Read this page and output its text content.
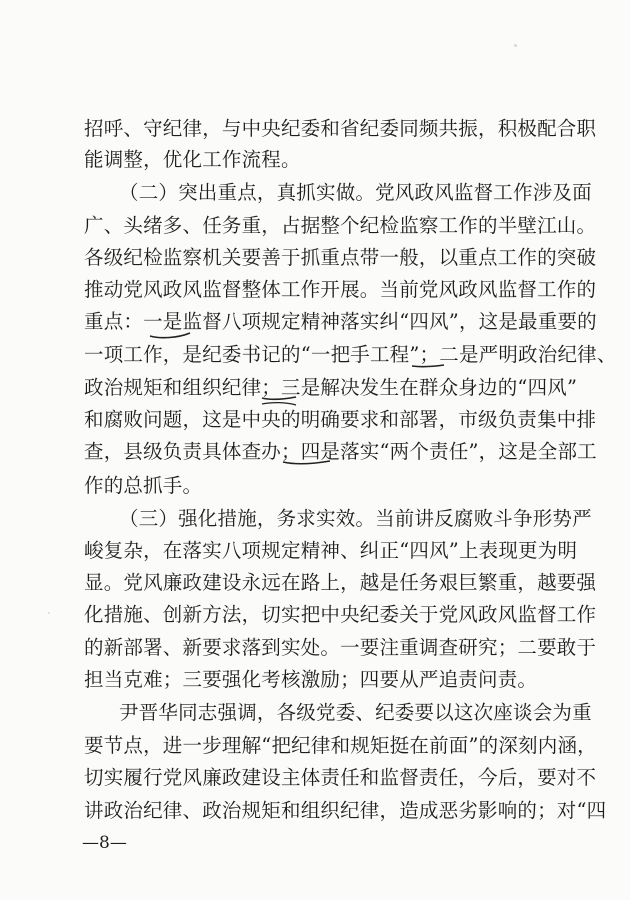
招呼、守纪律，与中央纪委和省纪委同频共振，积极配合职
能调整，优化工作流程。
（二）突出重点，真抓实做。党风政风监督工作涉及面
广、头绪多、任务重，占据整个纪检监察工作的半壁江山。
各级纪检监察机关要善于抓重点带一般，以重点工作的突破
推动党风政风监督整体工作开展。当前党风政风监督工作的
重点：一是监督八项规定精神落实纠“四风”，这是最重要的
一项工作，是纪委书记的“一把手工程”；二是严明政治纪律、
政治规矩和组织纪律；三是解决发生在群众身边的“四风”
和腐败问题，这是中央的明确要求和部署，市级负责集中排
查，县级负责具体查办；四是落实“两个责任”，这是全部工
作的总抓手。
（三）强化措施，务求实效。当前讲反腐败斗争形势严
峻复杂，在落实八项规定精神、纠正“四风”上表现更为明
显。党风廉政建设永远在路上，越是任务艰巨繁重，越要强
化措施、创新方法，切实把中央纪委关于党风政风监督工作
的新部署、新要求落到实处。一要注重调查研究；二要敢于
担当克难；三要强化考核激励；四要从严追责问责。
尹晋华同志强调，各级党委、纪委要以这次座谈会为重
要节点，进一步理解“把纪律和规矩挺在前面”的深刻内涵，
切实履行党风廉政建设主体责任和监督责任，今后，要对不
讲政治纪律、政治规矩和组织纪律，造成恶劣影响的；对“四
—8—
